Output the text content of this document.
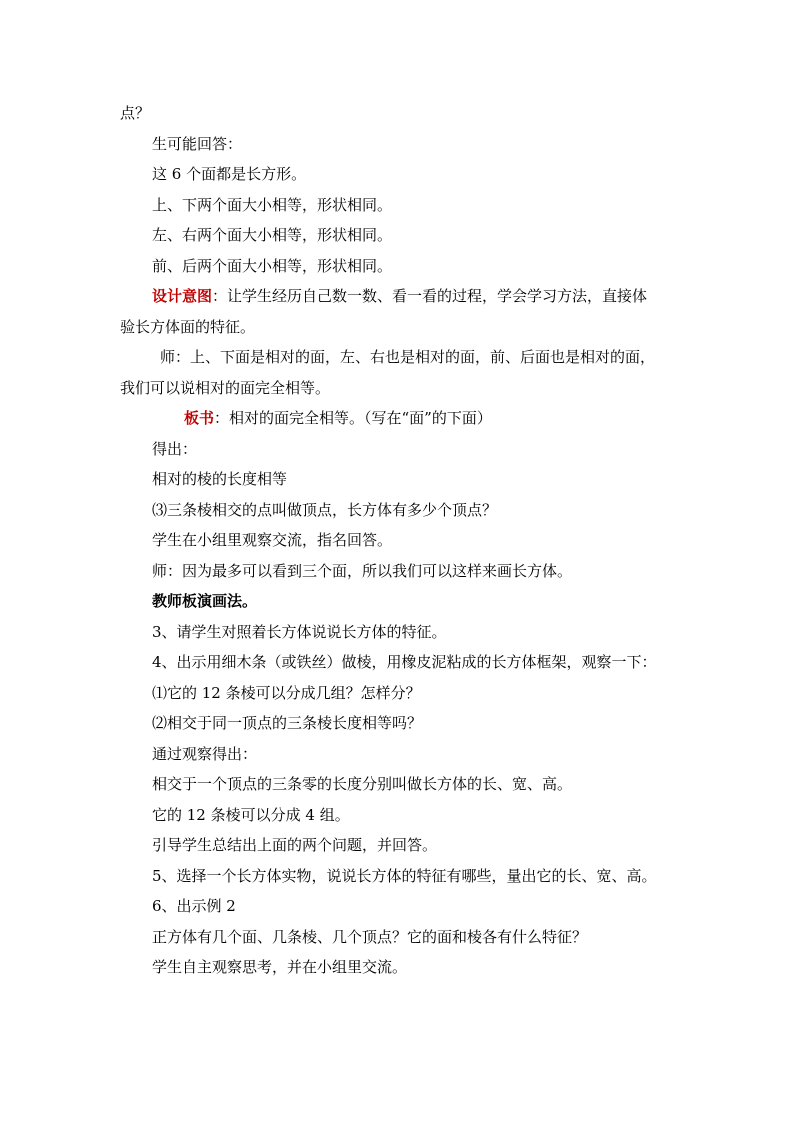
点？
生可能回答：
这 6 个面都是长方形。
上、下两个面大小相等，形状相同。
左、右两个面大小相等，形状相同。
前、后两个面大小相等，形状相同。
设计意图：让学生经历自己数一数、看一看的过程，学会学习方法，直接体
验长方体面的特征。
师：上、下面是相对的面，左、右也是相对的面，前、后面也是相对的面，
我们可以说相对的面完全相等。
板书：相对的面完全相等。（写在“面”的下面）
得出：
相对的棱的长度相等
⑶三条棱相交的点叫做顶点，长方体有多少个顶点？
学生在小组里观察交流，指名回答。
师：因为最多可以看到三个面，所以我们可以这样来画长方体。
教师板演画法。
3、请学生对照着长方体说说长方体的特征。
4、出示用细木条（或铁丝）做棱，用橡皮泥粘成的长方体框架，观察一下：
⑴它的 12 条棱可以分成几组？怎样分？
⑵相交于同一顶点的三条棱长度相等吗？
通过观察得出：
相交于一个顶点的三条零的长度分别叫做长方体的长、宽、高。
它的 12 条棱可以分成 4 组。
引导学生总结出上面的两个问题，并回答。
5、选择一个长方体实物，说说长方体的特征有哪些，量出它的长、宽、高。
6、出示例 2
正方体有几个面、几条棱、几个顶点？它的面和棱各有什么特征？
学生自主观察思考，并在小组里交流。
